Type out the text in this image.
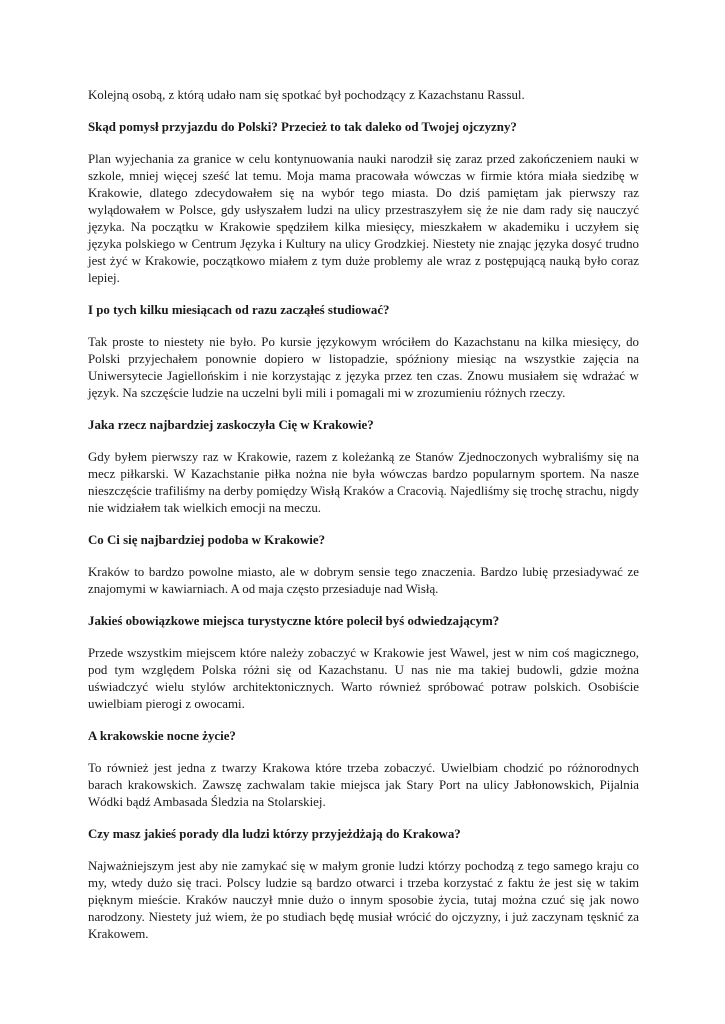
Kolejną osobą, z którą udało nam się spotkać był pochodzący z Kazachstanu Rassul.

Skąd pomysł przyjazdu do Polski? Przecież to tak daleko od Twojej ojczyzny?

Plan wyjechania za granice w celu kontynuowania nauki narodził się zaraz przed zakończeniem nauki w szkole, mniej więcej sześć lat temu. Moja mama pracowała wówczas w firmie która miała siedzibę w Krakowie, dlatego zdecydowałem się na wybór tego miasta. Do dziś pamiętam jak pierwszy raz wylądowałem w Polsce, gdy usłyszałem ludzi na ulicy przestraszyłem się że nie dam rady się nauczyć języka. Na początku w Krakowie spędziłem kilka miesięcy, mieszkałem w akademiku i uczyłem się języka polskiego w Centrum Języka i Kultury na ulicy Grodzkiej. Niestety nie znając języka dosyć trudno jest żyć w Krakowie, początkowo miałem z tym duże problemy ale wraz z postępującą nauką było coraz lepiej.

I po tych kilku miesiącach od razu zacząłeś studiować?

Tak proste to niestety nie było. Po kursie językowym wróciłem do Kazachstanu na kilka miesięcy, do Polski przyjechałem ponownie dopiero w listopadzie, spóźniony miesiąc na wszystkie zajęcia na Uniwersytecie Jagiellońskim i nie korzystając z języka przez ten czas. Znowu musiałem się wdrażać w język. Na szczęście ludzie na uczelni byli mili i pomagali mi w zrozumieniu różnych rzeczy.

Jaka rzecz najbardziej zaskoczyła Cię w Krakowie?

Gdy byłem pierwszy raz w Krakowie, razem z koleżanką ze Stanów Zjednoczonych wybraliśmy się na mecz piłkarski. W Kazachstanie piłka nożna nie była wówczas bardzo popularnym sportem. Na nasze nieszczęście trafiliśmy na derby pomiędzy Wisłą Kraków a Cracovią. Najedliśmy się trochę strachu, nigdy nie widziałem tak wielkich emocji na meczu.

Co Ci się najbardziej podoba w Krakowie?

Kraków to bardzo powolne miasto, ale w dobrym sensie tego znaczenia. Bardzo lubię przesiadywać ze znajomymi w kawiarniach. A od maja często przesiaduje nad Wisłą.

Jakieś obowiązkowe miejsca turystyczne które polecił byś odwiedzającym?

Przede wszystkim miejscem które należy zobaczyć w Krakowie jest Wawel, jest w nim coś magicznego, pod tym względem Polska różni się od Kazachstanu. U nas nie ma takiej budowli, gdzie można uświadczyć wielu stylów architektonicznych. Warto również spróbować potraw polskich. Osobiście uwielbiam pierogi z owocami.

A krakowskie nocne życie?

To również jest jedna z twarzy Krakowa które trzeba zobaczyć. Uwielbiam chodzić po różnorodnych barach krakowskich. Zawszę zachwalam takie miejsca jak Stary Port na ulicy Jabłonowskich, Pijalnia Wódki bądź Ambasada Śledzia na Stolarskiej.

Czy masz jakieś porady dla ludzi którzy przyjeżdżają do Krakowa?

Najważniejszym jest aby nie zamykać się w małym gronie ludzi którzy pochodzą z tego samego kraju co my, wtedy dużo się traci. Polscy ludzie są bardzo otwarci i trzeba korzystać z faktu że jest się w takim pięknym mieście. Kraków nauczył mnie dużo o innym sposobie życia, tutaj można czuć się jak nowo narodzony. Niestety już wiem, że po studiach będę musiał wrócić do ojczyzny, i już zaczynam tęsknić za Krakowem.
